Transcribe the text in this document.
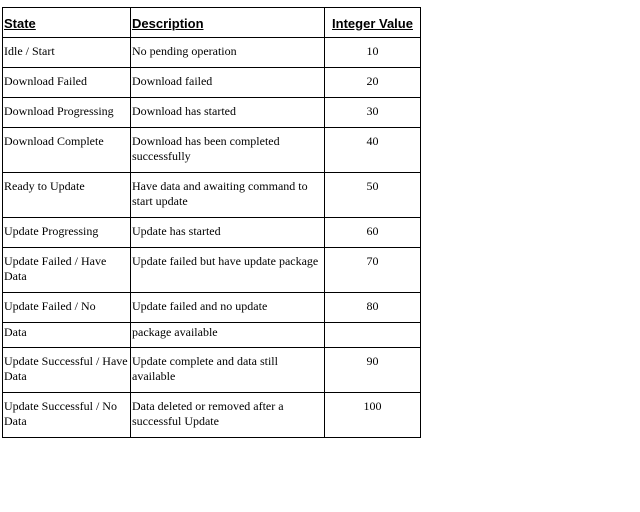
State	Description	Integer Value

Idle / Start	No pending operation	10

Download Failed	Download failed	20

Download Progressing	Download has started	30

Download Complete	Download has been completed successfully	40

Ready to Update	Have data and awaiting command to start update	50

Update Progressing	Update has started	60

Update Failed / Have Data	Update failed but have update package	70

Update Failed / No	Update failed and no update	80

Data	package available	

Update Successful / Have Data	Update complete and data still available	90

Update Successful / No Data	Data deleted or removed after a successful Update	100
